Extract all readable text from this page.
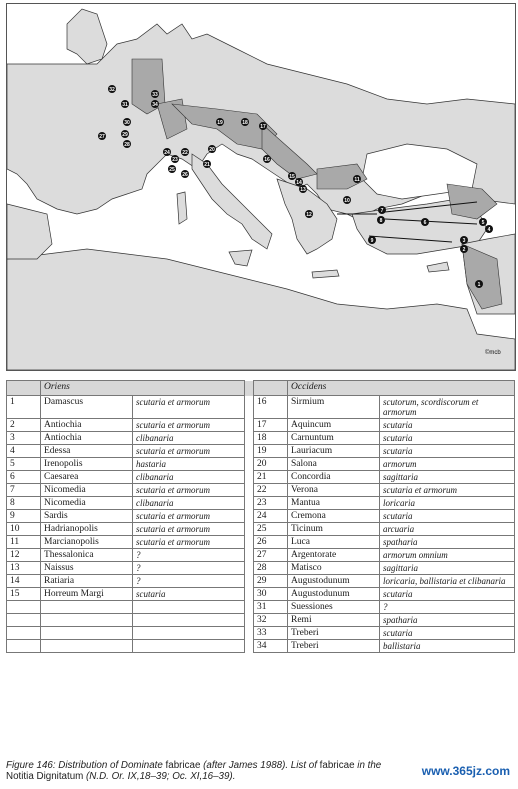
1
2
3
4
5
6
7
8
9
10
11
12
13
14
15
16
17
18
19
20
21
22
23
24
25
26
27
28
29
30
31
32
33
34
©mcb
	Oriens				Occidens	
1	Damascus	scutaria et armorum		16	Sirmium	scutorum, scordiscorum et armorum
2	Antiochia	scutaria et armorum		17	Aquincum	scutaria
3	Antiochia	clibanaria		18	Carnuntum	scutaria
4	Edessa	scutaria et armorum		19	Lauriacum	scutaria
5	Irenopolis	hastaria		20	Salona	armorum
6	Caesarea	clibanaria		21	Concordia	sagittaria
7	Nicomedia	scutaria et armorum		22	Verona	scutaria et armorum
8	Nicomedia	clibanaria		23	Mantua	loricaria
9	Sardis	scutaria et armorum		24	Cremona	scutaria
10	Hadrianopolis	scutaria et armorum		25	Ticinum	arcuaria
11	Marcianopolis	scutaria et armorum		26	Luca	spatharia
12	Thessalonica	?		27	Argentorate	armorum omnium
13	Naissus	?		28	Matisco	sagittaria
14	Ratiaria	?		29	Augustodunum	loricaria, ballistaria et clibanaria
15	Horreum Margi	scutaria		30	Augustodunum	scutaria
				31	Suessiones	?
				32	Remi	spatharia
				33	Treberi	scutaria
				34	Treberi	ballistaria
Figure 146: Distribution of Dominate fabricae (after James 1988). List of fabricae in the
Notitia Dignitatum (N.D. Or. IX,18–39; Oc. XI,16–39).	www.365jz.com
